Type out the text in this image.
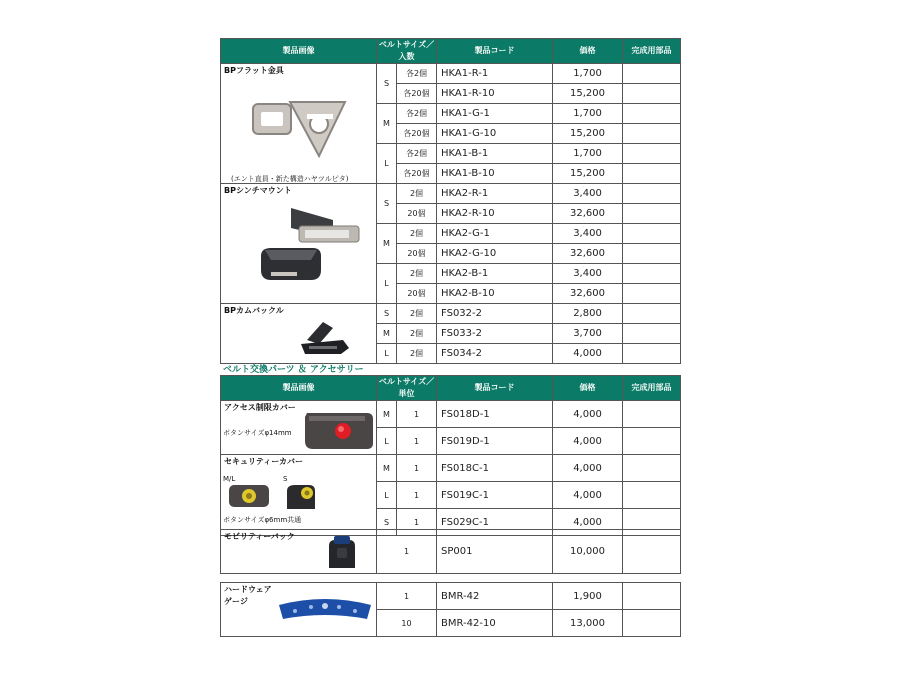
製品画像	ベルトサイズ／入数		製品コード	価格	完成用部品

BPフラット金具
(エント直員・新た構造ハヤツルピタ)	S	各2個	HKA1-R-1	1,700	
		各20個	HKA1-R-10	15,200	
	M	各2個	HKA1-G-1	1,700	
		各20個	HKA1-G-10	15,200	
	L	各2個	HKA1-B-1	1,700	
		各20個	HKA1-B-10	15,200	

BPシンチマウント	S	2個	HKA2-R-1	3,400	
		20個	HKA2-R-10	32,600	
	M	2個	HKA2-G-1	3,400	
		20個	HKA2-G-10	32,600	
	L	2個	HKA2-B-1	3,400	
		20個	HKA2-B-10	32,600	

BPカムバックル	S	2個	FS032-2	2,800	
	M	2個	FS033-2	3,700	
	L	2個	FS034-2	4,000	
ベルト交換パーツ ＆ アクセサリー
製品画像	ベルトサイズ／単位		製品コード	価格	完成用部品

アクセス制限カバー
ボタンサイズφ14mm	M	1	FS018D-1	4,000	
	L	1	FS019D-1	4,000	

セキュリティーカバー
M/L S
ボタンサイズφ6mm共通	M	1	FS018C-1	4,000	
	L	1	FS019C-1	4,000	
	S	1	FS029C-1	4,000	
モビリティーバック
	1	SP001	10,000	
ハードウェア
ゲージ	1	BMR-42	1,900	
	10	BMR-42-10	13,000	
